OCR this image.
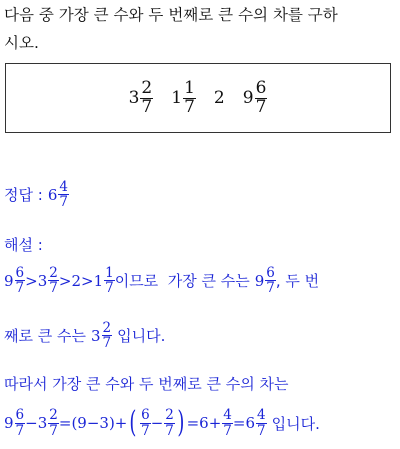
다음 중 가장 큰 수와 두 번째로 큰 수의 차를 구하
시오.
$3 \frac{2}{7} 1 \frac{1}{7} 2$ $9 \frac{6}{7}$
정답 : $6 \frac{4}{7}$
해설 :
$9 \frac{6}{7} > 3 \frac{2}{7} > 2 > 1 \frac{1}{7}$ 이므로  가장 큰 수는 $9 \frac{6}{7}$ , 두 번
째로 큰 수는 $3 \frac{2}{7}$ 입니다.
따라서 가장 큰 수와 두 번째로 큰 수의 차는
$9 \frac{6}{7} - 3 \frac{2}{7} = (9-3)$ + ( $\frac{6}{7} - \frac{2}{7}$ ) = $6 + \frac{4}{7} = 6 \frac{4}{7}$ 입니다.
